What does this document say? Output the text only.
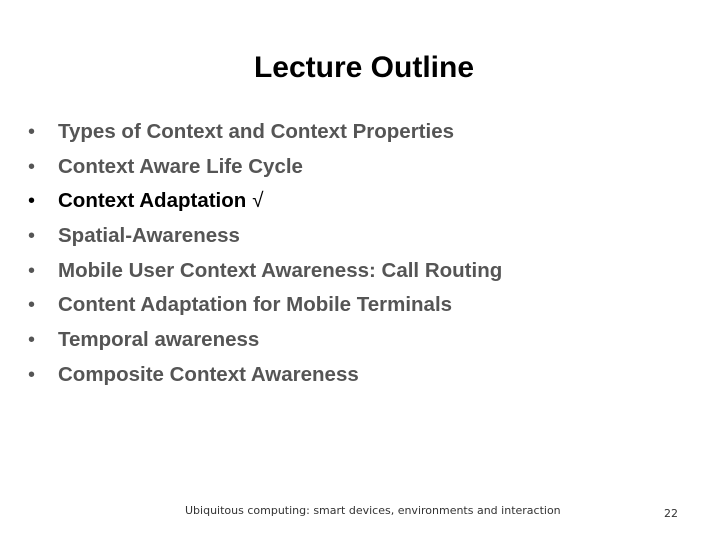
Lecture Outline
•	Types of Context and Context Properties
•	Context Aware Life Cycle
•	Context Adaptation √
•	Spatial-Awareness
•	Mobile User Context Awareness: Call Routing
•	Content Adaptation for Mobile Terminals
•	Temporal awareness
•	Composite Context Awareness
Ubiquitous computing: smart devices, environments and interaction	22
